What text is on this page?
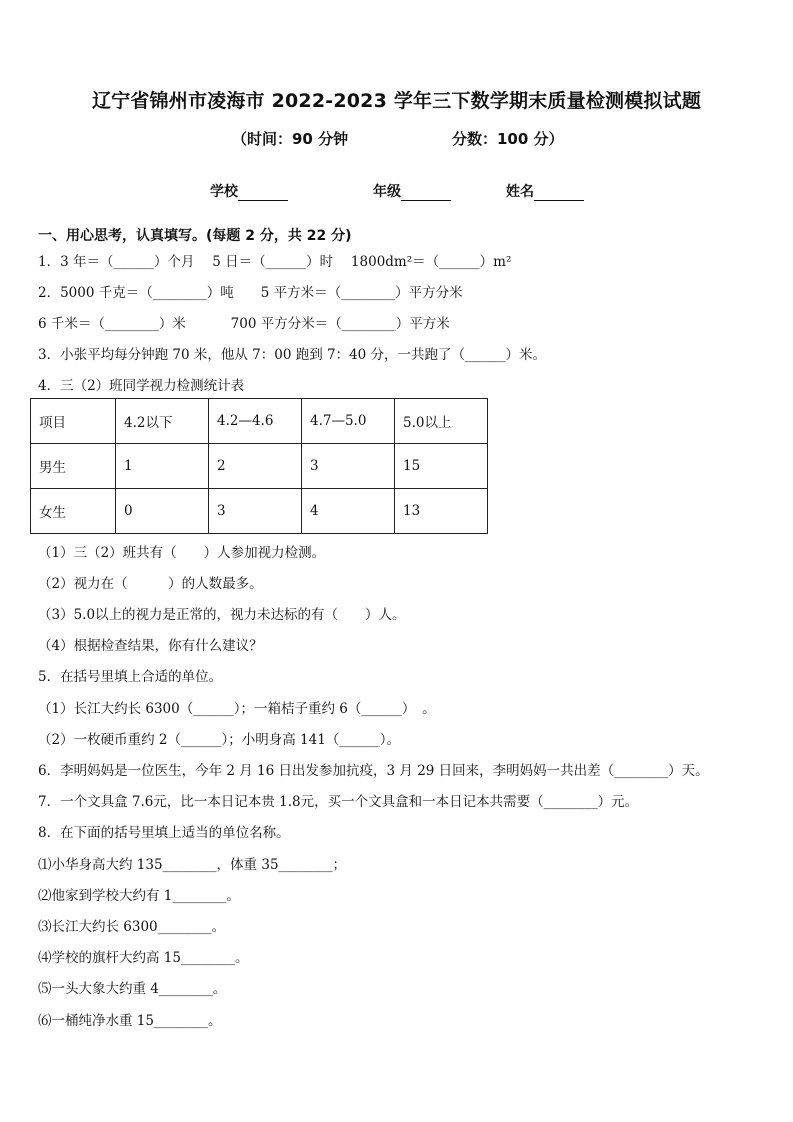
辽宁省锦州市凌海市 2022-2023 学年三下数学期末质量检测模拟试题
（时间：90 分钟	分数：100 分）
学校	年级	姓名
一、用心思考，认真填写。(每题 2 分，共 22 分)
1．3 年＝（______）个月　 5 日＝（______）时　 1800dm²＝（______）m²
2．5000 千克＝（________）吨　　5 平方米＝（________）平方分米
6 千米＝（________）米　　　 700 平方分米＝（________）平方米
3．小张平均每分钟跑 70 米，他从 7：00 跑到 7：40 分，一共跑了（______）米。
4．三（2）班同学视力检测统计表
项目	4.2以下	4.2—4.6	4.7—5.0	5.0以上
男生	1	2	3	15
女生	0	3	4	13
（1）三（2）班共有（　　）人参加视力检测。
（2）视力在（　　　）的人数最多。
（3）5.0以上的视力是正常的，视力未达标的有（　　）人。
（4）根据检查结果，你有什么建议？
5．在括号里填上合适的单位。
（1）长江大约长 6300（______）；一箱桔子重约 6（______）　。
（2）一枚硬币重约 2（______）；小明身高 141（______）。
6．李明妈妈是一位医生，今年 2 月 16 日出发参加抗疫，3 月 29 日回来，李明妈妈一共出差（________）天。
7．一个文具盒 7.6元，比一本日记本贵 1.8元，买一个文具盒和一本日记本共需要（________）元。
8．在下面的括号里填上适当的单位名称。
⑴小华身高大约 135________，体重 35________；
⑵他家到学校大约有 1________。
⑶长江大约长 6300________。
⑷学校的旗杆大约高 15________。
⑸一头大象大约重 4________。
⑹一桶纯净水重 15________。
